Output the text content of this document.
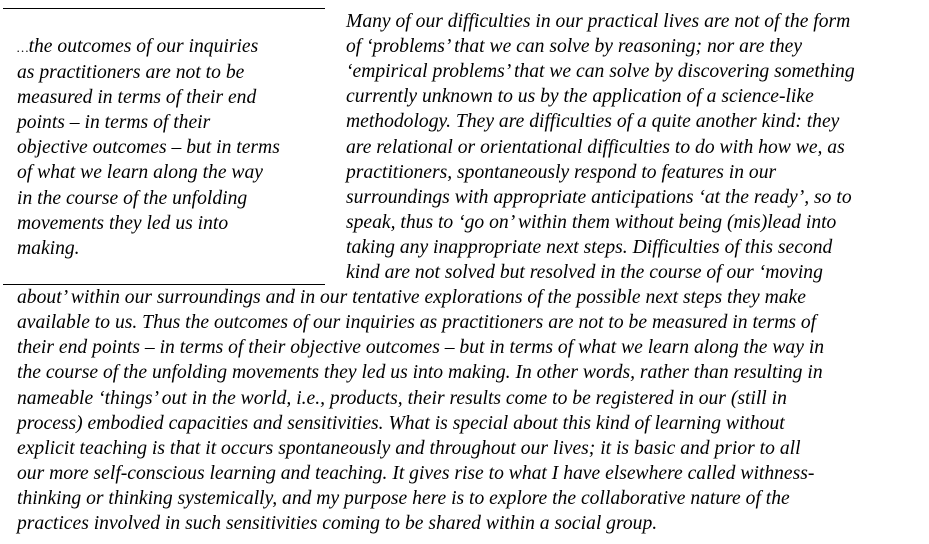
…the outcomes of our inquiries
as practitioners are not to be
measured in terms of their end
points – in terms of their
objective outcomes – but in terms
of what we learn along the way
in the course of the unfolding
movements they led us into
making.
Many of our difficulties in our practical lives are not of the form
of ‘problems’ that we can solve by reasoning; nor are they
‘empirical problems’ that we can solve by discovering something
currently unknown to us by the application of a science-like
methodology. They are difficulties of a quite another kind: they
are relational or orientational difficulties to do with how we, as
practitioners, spontaneously respond to features in our
surroundings with appropriate anticipations ‘at the ready’, so to
speak, thus to ‘go on’ within them without being (mis)lead into
taking any inappropriate next steps. Difficulties of this second
kind are not solved but resolved in the course of our ‘moving
about’ within our surroundings and in our tentative explorations of the possible next steps they make
available to us. Thus the outcomes of our inquiries as practitioners are not to be measured in terms of
their end points – in terms of their objective outcomes – but in terms of what we learn along the way in
the course of the unfolding movements they led us into making. In other words, rather than resulting in
nameable ‘things’ out in the world, i.e., products, their results come to be registered in our (still in
process) embodied capacities and sensitivities. What is special about this kind of learning without
explicit teaching is that it occurs spontaneously and throughout our lives; it is basic and prior to all
our more self-conscious learning and teaching. It gives rise to what I have elsewhere called withness-
thinking or thinking systemically, and my purpose here is to explore the collaborative nature of the
practices involved in such sensitivities coming to be shared within a social group.
